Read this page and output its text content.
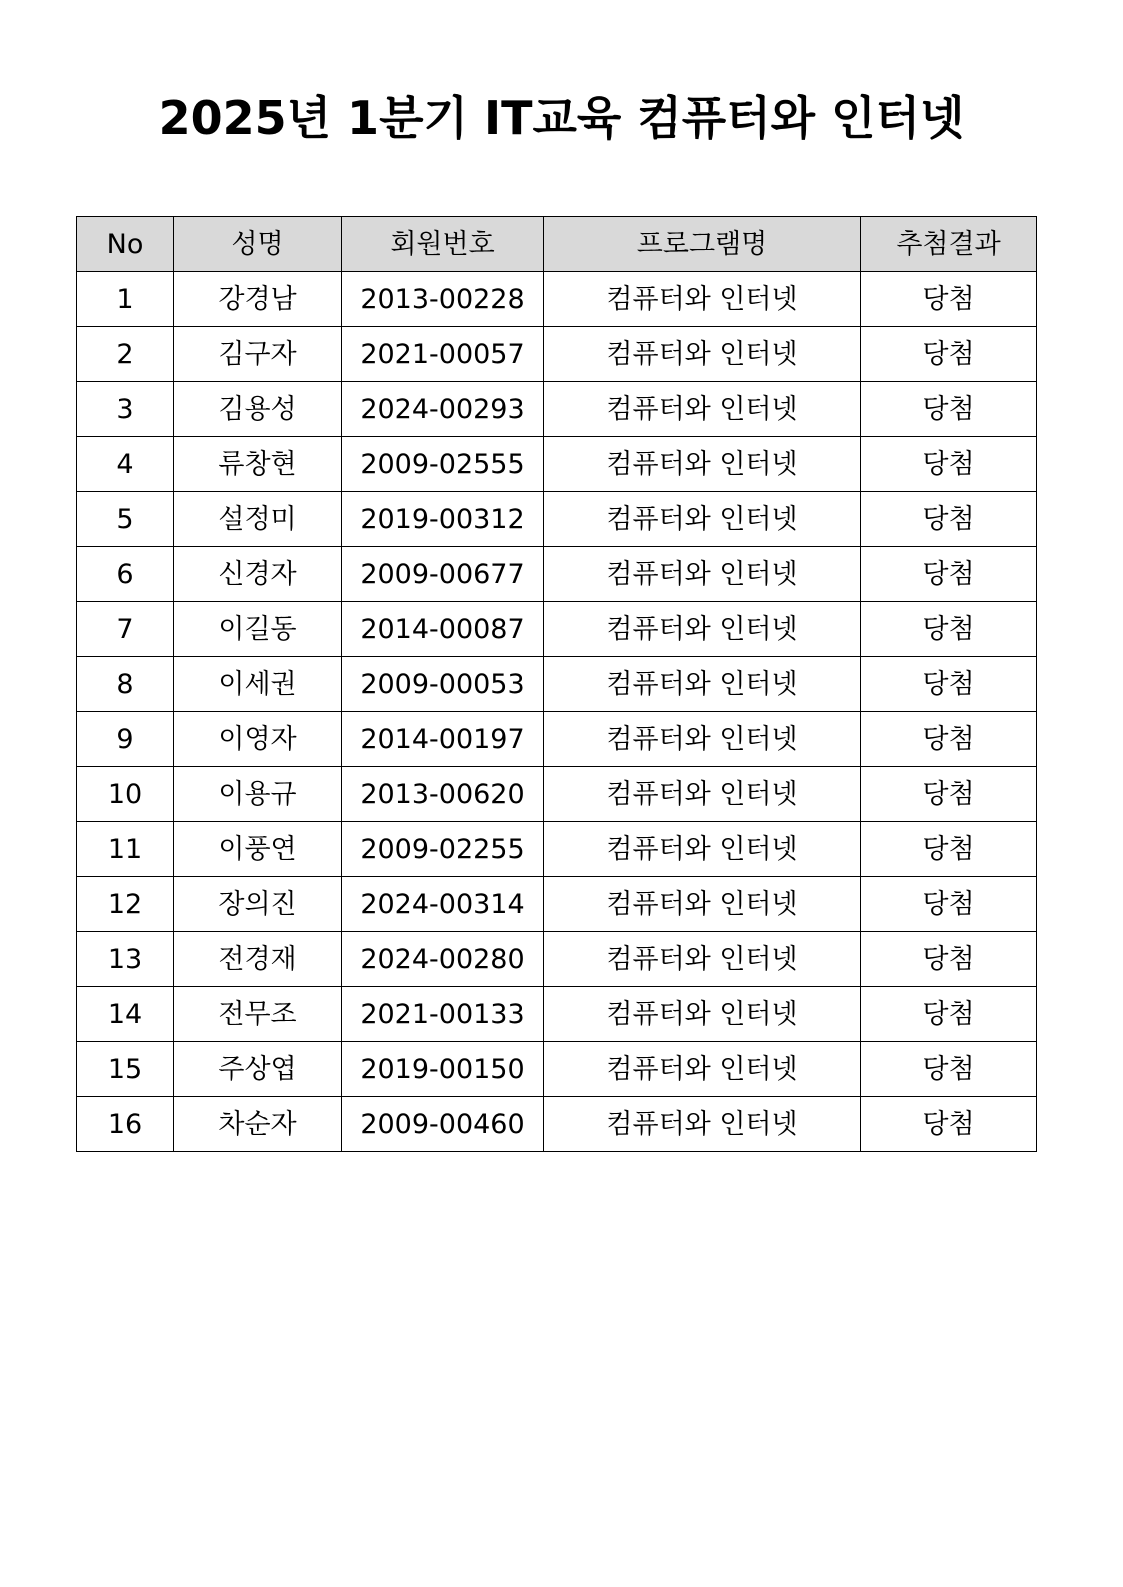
2025년 1분기 IT교육 컴퓨터와 인터넷
No	성명	회원번호	프로그램명	추첨결과
1	강경남	2013-00228	컴퓨터와 인터넷	당첨
2	김구자	2021-00057	컴퓨터와 인터넷	당첨
3	김용성	2024-00293	컴퓨터와 인터넷	당첨
4	류창현	2009-02555	컴퓨터와 인터넷	당첨
5	설정미	2019-00312	컴퓨터와 인터넷	당첨
6	신경자	2009-00677	컴퓨터와 인터넷	당첨
7	이길동	2014-00087	컴퓨터와 인터넷	당첨
8	이세권	2009-00053	컴퓨터와 인터넷	당첨
9	이영자	2014-00197	컴퓨터와 인터넷	당첨
10	이용규	2013-00620	컴퓨터와 인터넷	당첨
11	이풍연	2009-02255	컴퓨터와 인터넷	당첨
12	장의진	2024-00314	컴퓨터와 인터넷	당첨
13	전경재	2024-00280	컴퓨터와 인터넷	당첨
14	전무조	2021-00133	컴퓨터와 인터넷	당첨
15	주상엽	2019-00150	컴퓨터와 인터넷	당첨
16	차순자	2009-00460	컴퓨터와 인터넷	당첨
